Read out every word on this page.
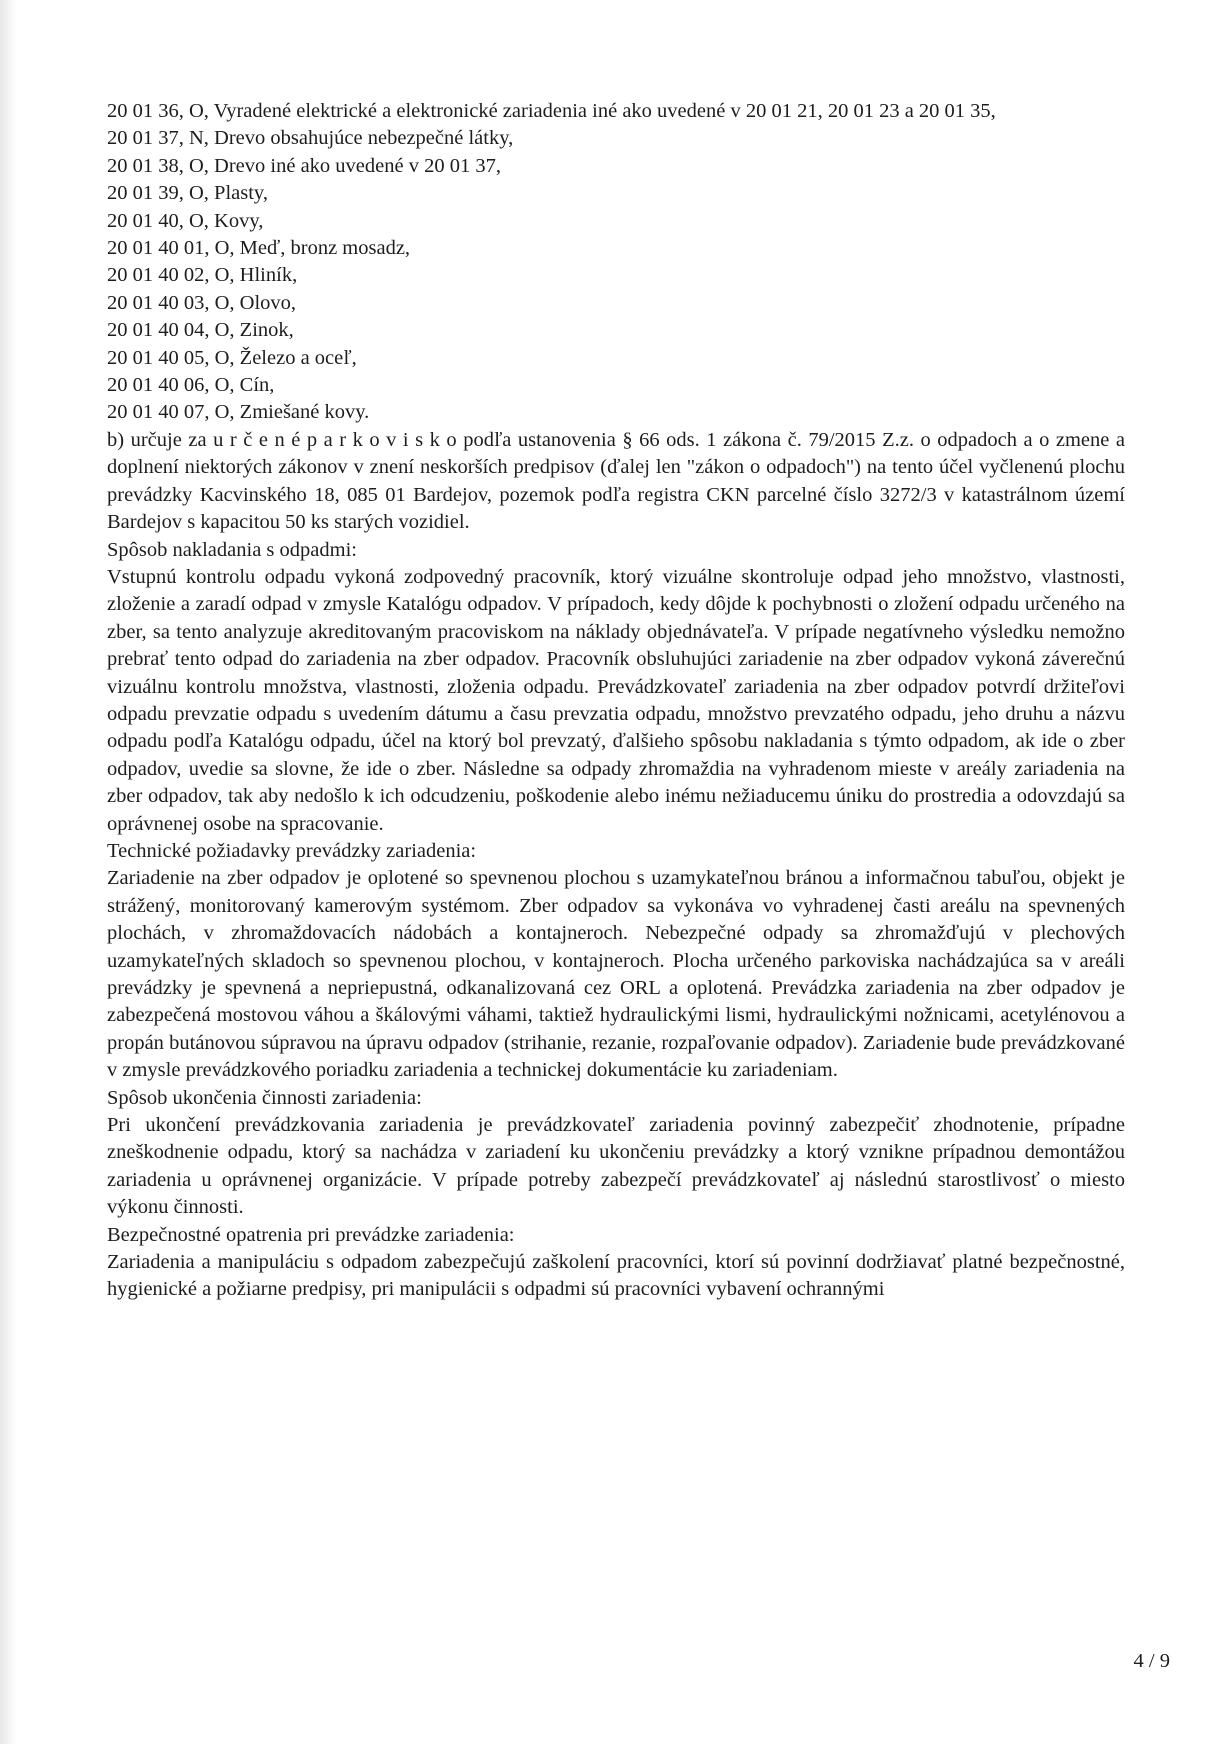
20 01 36, O, Vyradené elektrické a elektronické zariadenia iné ako uvedené v 20 01 21, 20 01 23 a 20 01 35,
20 01 37, N, Drevo obsahujúce nebezpečné látky,
20 01 38, O, Drevo iné ako uvedené v 20 01 37,
20 01 39, O, Plasty,
20 01 40, O, Kovy,
20 01 40 01, O, Meď, bronz mosadz,
20 01 40 02, O, Hliník,
20 01 40 03, O, Olovo,
20 01 40 04, O, Zinok,
20 01 40 05, O, Železo a oceľ,
20 01 40 06, O, Cín,
20 01 40 07, O, Zmiešané kovy.

b) určuje za u r č e n é p a r k o v i s k o podľa ustanovenia § 66 ods. 1 zákona č. 79/2015 Z.z. o odpadoch a o zmene a doplnení niektorých zákonov v znení neskorších predpisov (ďalej len "zákon o odpadoch") na tento účel vyčlenenú plochu prevádzky Kacvinského 18, 085 01 Bardejov, pozemok podľa registra CKN parcelné číslo 3272/3 v katastrálnom území Bardejov s kapacitou 50 ks starých vozidiel.

Spôsob nakladania s odpadmi:

Vstupnú kontrolu odpadu vykoná zodpovedný pracovník, ktorý vizuálne skontroluje odpad jeho množstvo, vlastnosti, zloženie a zaradí odpad v zmysle Katalógu odpadov. V prípadoch, kedy dôjde k pochybnosti o zložení odpadu určeného na zber, sa tento analyzuje akreditovaným pracoviskom na náklady objednávateľa. V prípade negatívneho výsledku nemožno prebrať tento odpad do zariadenia na zber odpadov. Pracovník obsluhujúci zariadenie na zber odpadov vykoná záverečnú vizuálnu kontrolu množstva, vlastnosti, zloženia odpadu. Prevádzkovateľ zariadenia na zber odpadov potvrdí držiteľovi odpadu prevzatie odpadu s uvedením dátumu a času prevzatia odpadu, množstvo prevzatého odpadu, jeho druhu a názvu odpadu podľa Katalógu odpadu, účel na ktorý bol prevzatý, ďalšieho spôsobu nakladania s týmto odpadom, ak ide o zber odpadov, uvedie sa slovne, že ide o zber. Následne sa odpady zhromaždia na vyhradenom mieste v areály zariadenia na zber odpadov, tak aby nedošlo k ich odcudzeniu, poškodenie alebo inému nežiaducemu úniku do prostredia a odovzdajú sa oprávnenej osobe na spracovanie.

Technické požiadavky prevádzky zariadenia:

Zariadenie na zber odpadov je oplotené so spevnenou plochou s uzamykateľnou bránou a informačnou tabuľou, objekt je strážený, monitorovaný kamerovým systémom. Zber odpadov sa vykonáva vo vyhradenej časti areálu na spevnených plochách, v zhromaždovacích nádobách a kontajneroch. Nebezpečné odpady sa zhromažďujú v plechových uzamykateľných skladoch so spevnenou plochou, v kontajneroch. Plocha určeného parkoviska nachádzajúca sa v areáli prevádzky je spevnená a nepriepustná, odkanalizovaná cez ORL a oplotená. Prevádzka zariadenia na zber odpadov je zabezpečená mostovou váhou a škálovými váhami, taktiež hydraulickými lismi, hydraulickými nožnicami, acetylénovou a propán butánovou súpravou na úpravu odpadov (strihanie, rezanie, rozpaľovanie odpadov). Zariadenie bude prevádzkované v zmysle prevádzkového poriadku zariadenia a technickej dokumentácie ku zariadeniam.

Spôsob ukončenia činnosti zariadenia:

Pri ukončení prevádzkovania zariadenia je prevádzkovateľ zariadenia povinný zabezpečiť zhodnotenie, prípadne zneškodnenie odpadu, ktorý sa nachádza v zariadení ku ukončeniu prevádzky a ktorý vznikne prípadnou demontážou zariadenia u oprávnenej organizácie. V prípade potreby zabezpečí prevádzkovateľ aj následnú starostlivosť o miesto výkonu činnosti.

Bezpečnostné opatrenia pri prevádzke zariadenia:

Zariadenia a manipuláciu s odpadom zabezpečujú zaškolení pracovníci, ktorí sú povinní dodržiavať platné bezpečnostné, hygienické a požiarne predpisy, pri manipulácii s odpadmi sú pracovníci vybavení ochrannými

4 / 9
